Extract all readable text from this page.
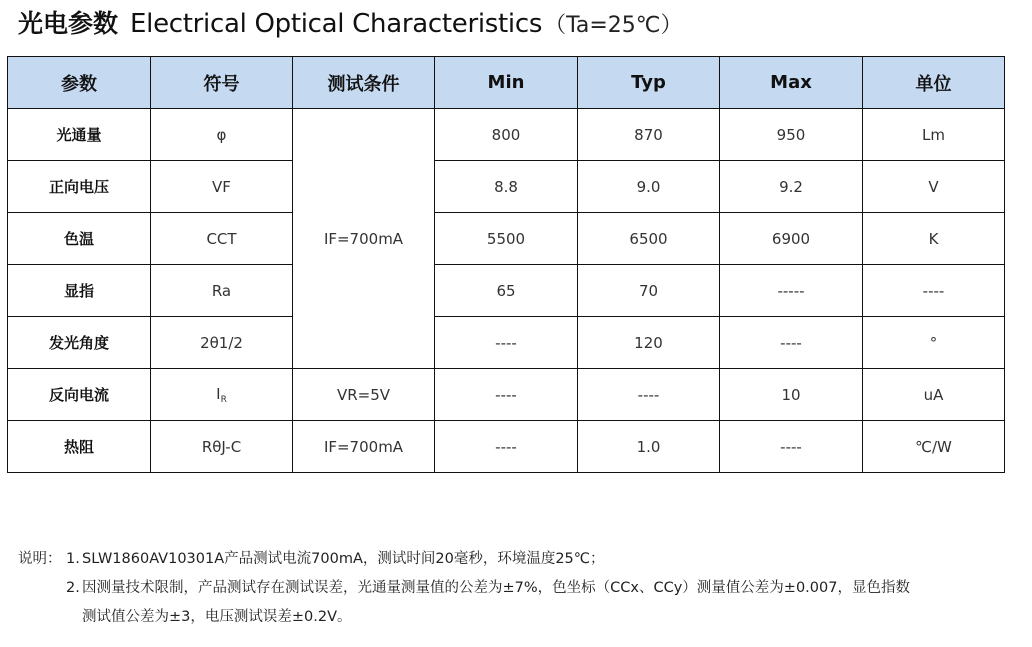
光电参数 Electrical Optical Characteristics（Ta=25℃）
参数	符号	测试条件	Min	Typ	Max	单位
光通量	φ	IF=700mA	800	870	950	Lm
正向电压	VF		8.8	9.0	9.2	V
色温	CCT		5500	6500	6900	K
显指	Ra		65	70	-----	----
发光角度	2θ1/2		----	120	----	°
反向电流	$I_R$	VR=5V	----	----	10	uA
热阻	RθJ-C	IF=700mA	----	1.0	----	℃/W
说明： 1. SLW1860AV10301A产品测试电流700mA，测试时间20毫秒，环境温度25℃；
2. 因测量技术限制，产品测试存在测试误差，光通量测量值的公差为±7%，色坐标（CCx、CCy）测量值公差为±0.007，显色指数
测试值公差为±3，电压测试误差±0.2V。
